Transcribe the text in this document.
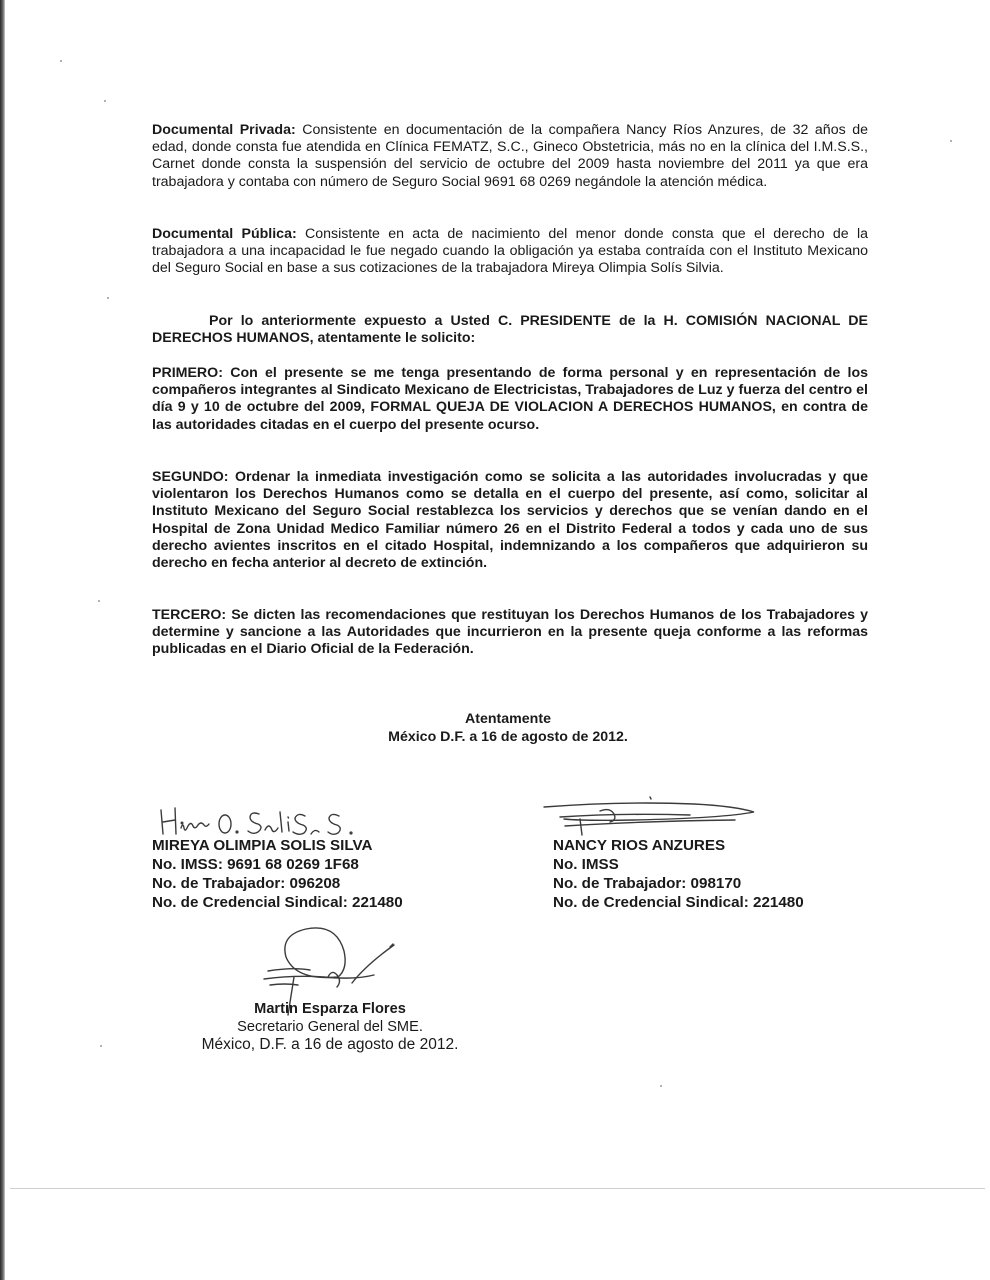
Documental Privada: Consistente en documentación de la compañera Nancy Ríos Anzures, de 32 años de edad, donde consta fue atendida en Clínica FEMATZ, S.C., Gineco Obstetricia, más no en la clínica del I.M.S.S., Carnet donde consta la suspensión del servicio de octubre del 2009 hasta noviembre del 2011 ya que era trabajadora y contaba con número de Seguro Social 9691 68 0269 negándole la atención médica.
Documental Pública: Consistente en acta de nacimiento del menor donde consta que el derecho de la trabajadora a una incapacidad le fue negado cuando la obligación ya estaba contraída con el Instituto Mexicano del Seguro Social en base a sus cotizaciones de la trabajadora Mireya Olimpia Solís Silvia.
Por lo anteriormente expuesto a Usted C. PRESIDENTE de la H. COMISIÓN NACIONAL DE DERECHOS HUMANOS, atentamente le solicito:
PRIMERO: Con el presente se me tenga presentando de forma personal y en representación de los compañeros integrantes al Sindicato Mexicano de Electricistas, Trabajadores de Luz y fuerza del centro el día 9 y 10 de octubre del 2009, FORMAL QUEJA DE VIOLACION A DERECHOS HUMANOS, en contra de las autoridades citadas en el cuerpo del presente ocurso.
SEGUNDO: Ordenar la inmediata investigación como se solicita a las autoridades involucradas y que violentaron los Derechos Humanos como se detalla en el cuerpo del presente, así como, solicitar al Instituto Mexicano del Seguro Social restablezca los servicios y derechos que se venían dando en el Hospital de Zona Unidad Medico Familiar número 26 en el Distrito Federal a todos y cada uno de sus derecho avientes inscritos en el citado Hospital, indemnizando a los compañeros que adquirieron su derecho en fecha anterior al decreto de extinción.
TERCERO: Se dicten las recomendaciones que restituyan los Derechos Humanos de los Trabajadores y determine y sancione a las Autoridades que incurrieron en la presente queja conforme a las reformas publicadas en el Diario Oficial de la Federación.
Atentamente
México D.F. a 16 de agosto de 2012.
MIREYA OLIMPIA SOLIS SILVA
No. IMSS: 9691 68 0269 1F68
No. de Trabajador: 096208
No. de Credencial Sindical: 221480
NANCY RIOS ANZURES
No. IMSS
No. de Trabajador: 098170
No. de Credencial Sindical: 221480
Martin Esparza Flores
Secretario General del SME.
México, D.F. a 16 de agosto de 2012.
